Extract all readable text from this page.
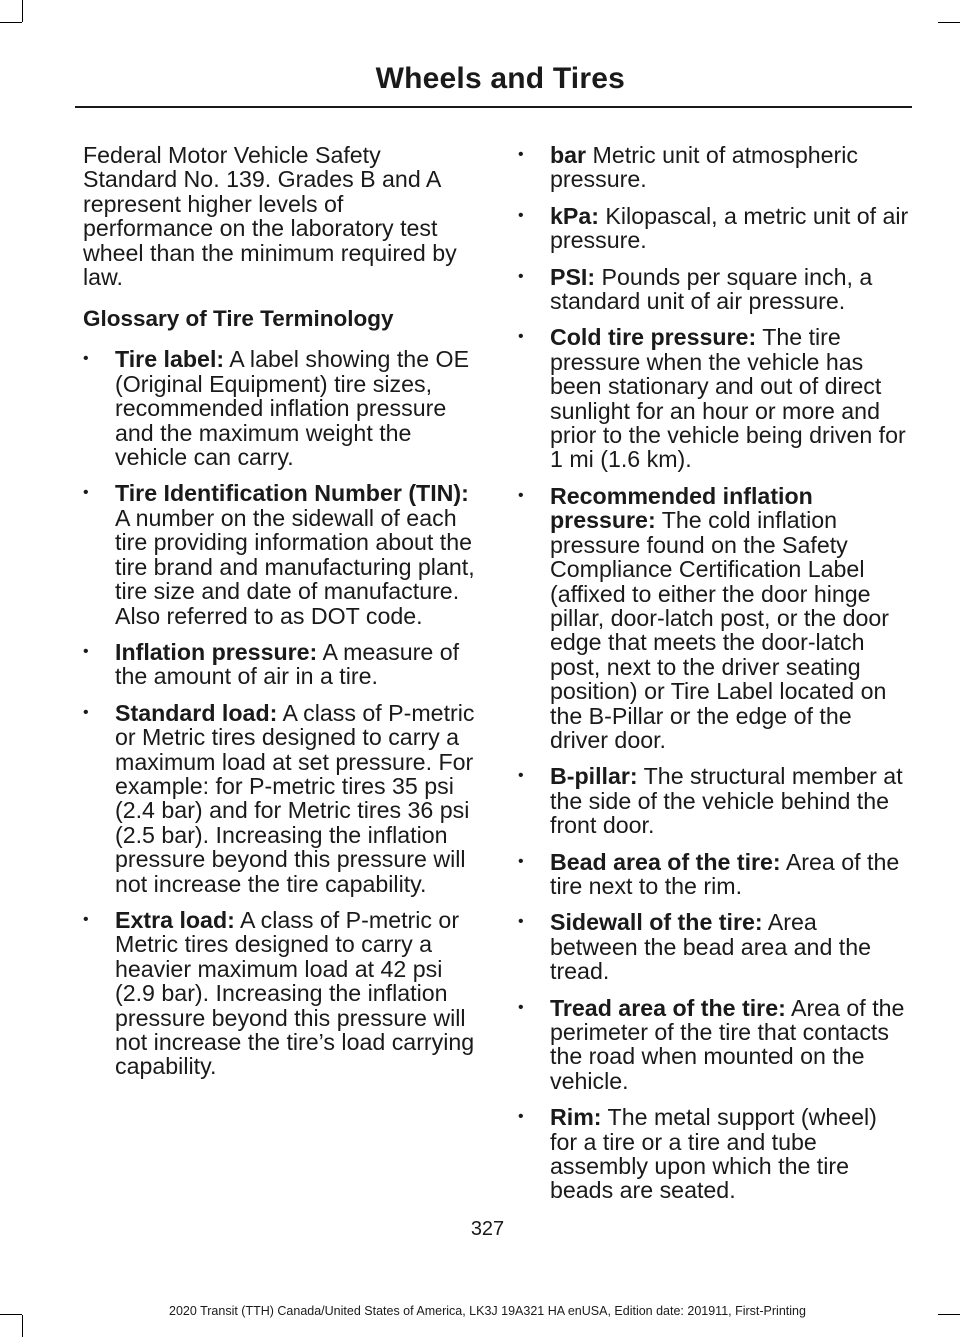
Wheels and Tires

Federal Motor Vehicle Safety Standard No. 139. Grades B and A represent higher levels of performance on the laboratory test wheel than the minimum required by law.

Glossary of Tire Terminology
• Tire label: A label showing the OE (Original Equipment) tire sizes, recommended inflation pressure and the maximum weight the vehicle can carry.
• Tire Identification Number (TIN): A number on the sidewall of each tire providing information about the tire brand and manufacturing plant, tire size and date of manufacture. Also referred to as DOT code.
• Inflation pressure: A measure of the amount of air in a tire.
• Standard load: A class of P-metric or Metric tires designed to carry a maximum load at set pressure. For example: for P-metric tires 35 psi (2.4 bar) and for Metric tires 36 psi (2.5 bar). Increasing the inflation pressure beyond this pressure will not increase the tire capability.
• Extra load: A class of P-metric or Metric tires designed to carry a heavier maximum load at 42 psi (2.9 bar). Increasing the inflation pressure beyond this pressure will not increase the tire’s load carrying capability.
• bar Metric unit of atmospheric pressure.
• kPa: Kilopascal, a metric unit of air pressure.
• PSI: Pounds per square inch, a standard unit of air pressure.
• Cold tire pressure: The tire pressure when the vehicle has been stationary and out of direct sunlight for an hour or more and prior to the vehicle being driven for 1 mi (1.6 km).
• Recommended inflation pressure: The cold inflation pressure found on the Safety Compliance Certification Label (affixed to either the door hinge pillar, door-latch post, or the door edge that meets the door-latch post, next to the driver seating position) or Tire Label located on the B-Pillar or the edge of the driver door.
• B-pillar: The structural member at the side of the vehicle behind the front door.
• Bead area of the tire: Area of the tire next to the rim.
• Sidewall of the tire: Area between the bead area and the tread.
• Tread area of the tire: Area of the perimeter of the tire that contacts the road when mounted on the vehicle.
• Rim: The metal support (wheel) for a tire or a tire and tube assembly upon which the tire beads are seated.
327
2020 Transit (TTH) Canada/United States of America, LK3J 19A321 HA enUSA, Edition date: 201911, First-Printing
